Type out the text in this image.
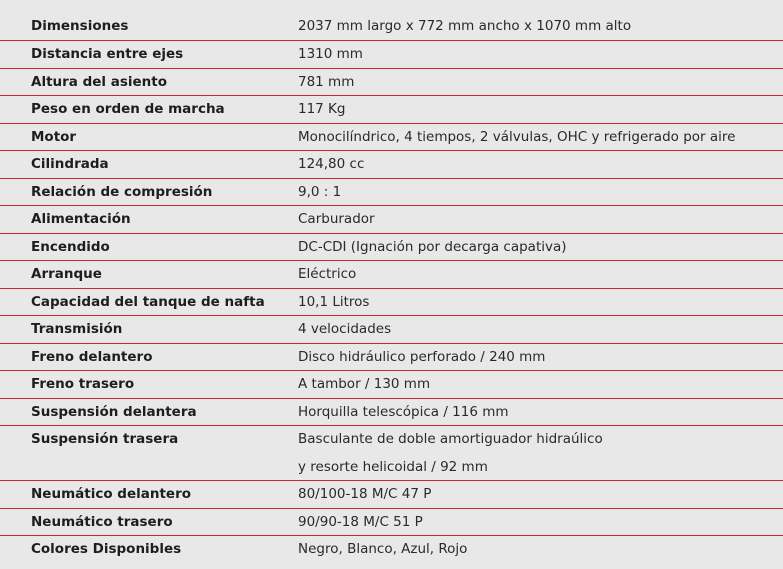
Dimensiones	2037 mm largo x 772 mm ancho x 1070 mm alto
Distancia entre ejes	1310 mm
Altura del asiento	781 mm
Peso en orden de marcha	117 Kg
Motor	Monocilíndrico, 4 tiempos, 2 válvulas, OHC y refrigerado por aire
Cilindrada	124,80 cc
Relación de compresión	9,0 : 1
Alimentación	Carburador
Encendido	DC-CDI (Ignación por decarga capativa)
Arranque	Eléctrico
Capacidad del tanque de nafta 10,1 Litros
Transmisión	4 velocidades
Freno delantero	Disco hidráulico perforado / 240 mm
Freno trasero	A tambor / 130 mm
Suspensión delantera	Horquilla telescópica / 116 mm
Suspensión trasera	Basculante de doble amortiguador hidraúlico
y resorte helicoidal / 92 mm
Neumático delantero	80/100-18 M/C 47 P
Neumático trasero	90/90-18 M/C 51 P
Colores Disponibles	Negro, Blanco, Azul, Rojo
